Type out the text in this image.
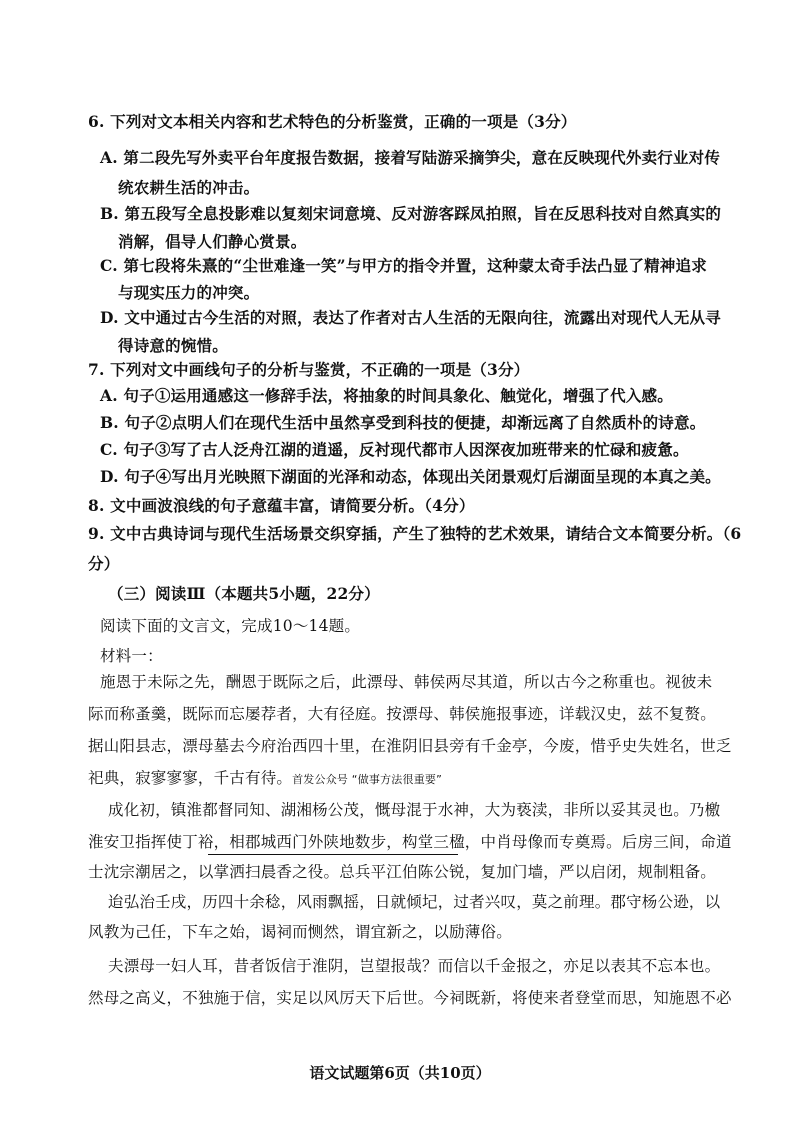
6. 下列对文本相关内容和艺术特色的分析鉴赏，正确的一项是（3分）
A. 第二段先写外卖平台年度报告数据，接着写陆游采摘笋尖，意在反映现代外卖行业对传
统农耕生活的冲击。
B. 第五段写全息投影难以复刻宋词意境、反对游客踩凤拍照，旨在反思科技对自然真实的
消解，倡导人们静心赏景。
C. 第七段将朱熹的“尘世难逢一笑”与甲方的指令并置，这种蒙太奇手法凸显了精神追求
与现实压力的冲突。
D. 文中通过古今生活的对照，表达了作者对古人生活的无限向往，流露出对现代人无从寻
得诗意的惋惜。
7. 下列对文中画线句子的分析与鉴赏，不正确的一项是（3分）
A. 句子①运用通感这一修辞手法，将抽象的时间具象化、触觉化，增强了代入感。
B. 句子②点明人们在现代生活中虽然享受到科技的便捷，却渐远离了自然质朴的诗意。
C. 句子③写了古人泛舟江湖的逍遥，反衬现代都市人因深夜加班带来的忙碌和疲惫。
D. 句子④写出月光映照下湖面的光泽和动态，体现出关闭景观灯后湖面呈现的本真之美。
8. 文中画波浪线的句子意蕴丰富，请简要分析。（4分）
9. 文中古典诗词与现代生活场景交织穿插，产生了独特的艺术效果，请结合文本简要分析。（6
分）
（三）阅读Ⅲ（本题共5小题，22分）
阅读下面的文言文，完成10～14题。
材料一：
施恩于未际之先，酬恩于既际之后，此漂母、韩侯两尽其道，所以古今之称重也。视彼未
际而称蚤羹，既际而忘屡荐者，大有径庭。按漂母、韩侯施报事迹，详载汉史，兹不复赘。
据山阳县志，漂母墓去今府治西四十里，在淮阴旧县旁有千金亭，今废，惜乎史失姓名，世乏
祀典，寂寥寥寥，千古有待。首发公众号 “做事方法很重要”
成化初，镇淮都督同知、湖湘杨公茂，慨母混于水神，大为亵渎，非所以妥其灵也。乃檄
淮安卫指挥使丁裕，相郡城西门外陕地数步，构堂三楹，中肖母像而专奠焉。后房三间，命道
士沈宗潮居之，以掌洒扫晨香之役。总兵平江伯陈公锐，复加门墙，严以启闭，规制粗备。
迨弘治壬戌，历四十余稔，风雨飘摇，日就倾圮，过者兴叹，莫之前理。郡守杨公逊，以
风教为己任，下车之始，谒祠而恻然，谓宜新之，以励薄俗。
夫漂母一妇人耳，昔者饭信于淮阴，岂望报哉？而信以千金报之，亦足以表其不忘本也。
然母之高义，不独施于信，实足以风厉天下后世。今祠既新，将使来者登堂而思，知施恩不必
语文试题第6页（共10页）
